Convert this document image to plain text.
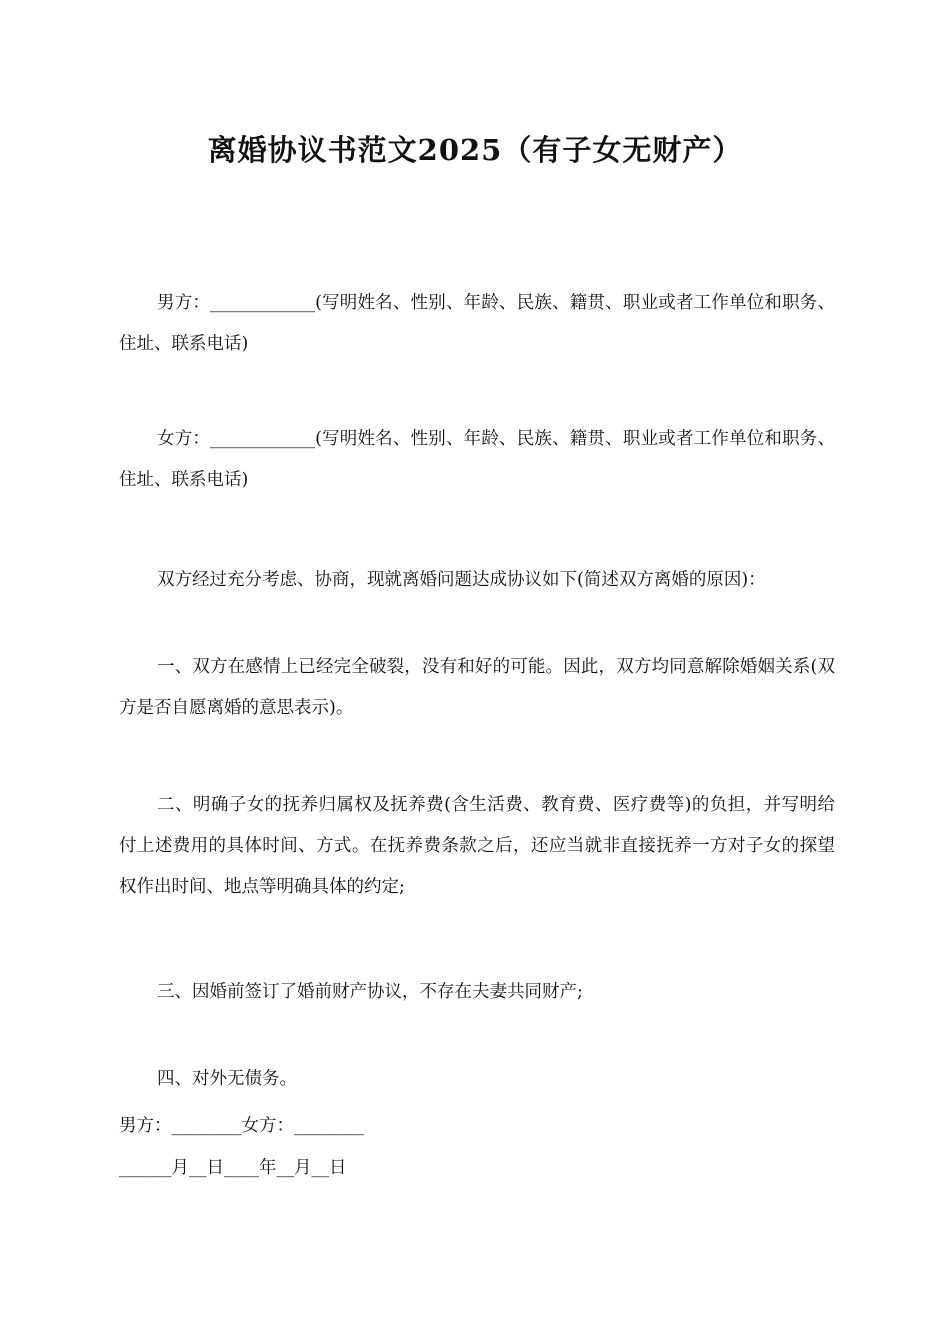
离婚协议书范文2025（有子女无财产）
男方：____________(写明姓名、性别、年龄、民族、籍贯、职业或者工作单位和职务、住址、联系电话)
女方：____________(写明姓名、性别、年龄、民族、籍贯、职业或者工作单位和职务、住址、联系电话)
双方经过充分考虑、协商，现就离婚问题达成协议如下(简述双方离婚的原因)：
一、双方在感情上已经完全破裂，没有和好的可能。因此，双方均同意解除婚姻关系(双方是否自愿离婚的意思表示)。
二、明确子女的抚养归属权及抚养费(含生活费、教育费、医疗费等)的负担，并写明给付上述费用的具体时间、方式。在抚养费条款之后，还应当就非直接抚养一方对子女的探望权作出时间、地点等明确具体的约定;
三、因婚前签订了婚前财产协议，不存在夫妻共同财产;
四、对外无债务。
男方：________女方：________
______月__日____年__月__日
